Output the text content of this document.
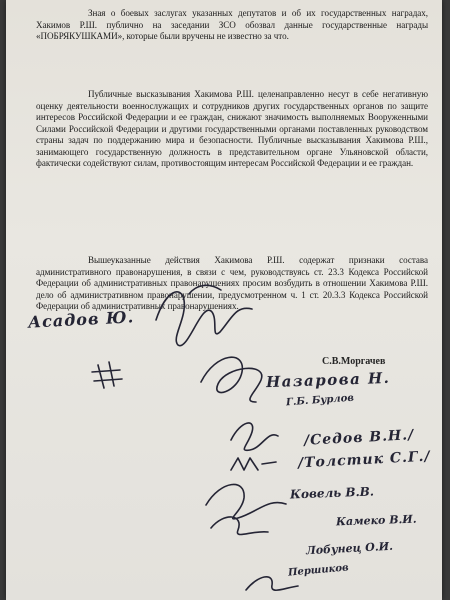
Зная о боевых заслугах указанных депутатов и об их государственных наградах, Хакимов Р.Ш. публично на заседании ЗСО обозвал данные государственные награды «ПОБРЯКУШКАМИ», которые были вручены не известно за что.

Публичные высказывания Хакимова Р.Ш. целенаправленно несут в себе негативную оценку деятельности военнослужащих и сотрудников других государственных органов по защите интересов Российской Федерации и ее граждан, снижают значимость выполняемых Вооруженными Силами Российской Федерации и другими государственными органами поставленных руководством страны задач по поддержанию мира и безопасности. Публичные высказывания Хакимова Р.Ш., занимающего государственную должность в представительном органе Ульяновской области, фактически содействуют силам, противостоящим интересам Российской Федерации и ее граждан.

Вышеуказанные действия Хакимова Р.Ш. содержат признаки состава административного правонарушения, в связи с чем, руководствуясь ст. 23.3 Кодекса Российской Федерации об административных правонарушениях просим возбудить в отношении Хакимова Р.Ш. дело об административном правонарушении, предусмотренном ч. 1 ст. 20.3.3 Кодекса Российской Федерации об административных правонарушениях.

С.В.Моргачев

Асадов Ю.
Назарова Н.
Г.Б. Бурлов
/Седов В.Н./
/Толстик С.Г./
Ковель В.В.
Камеко В.И.
Лобунец О.И.
Першиков
